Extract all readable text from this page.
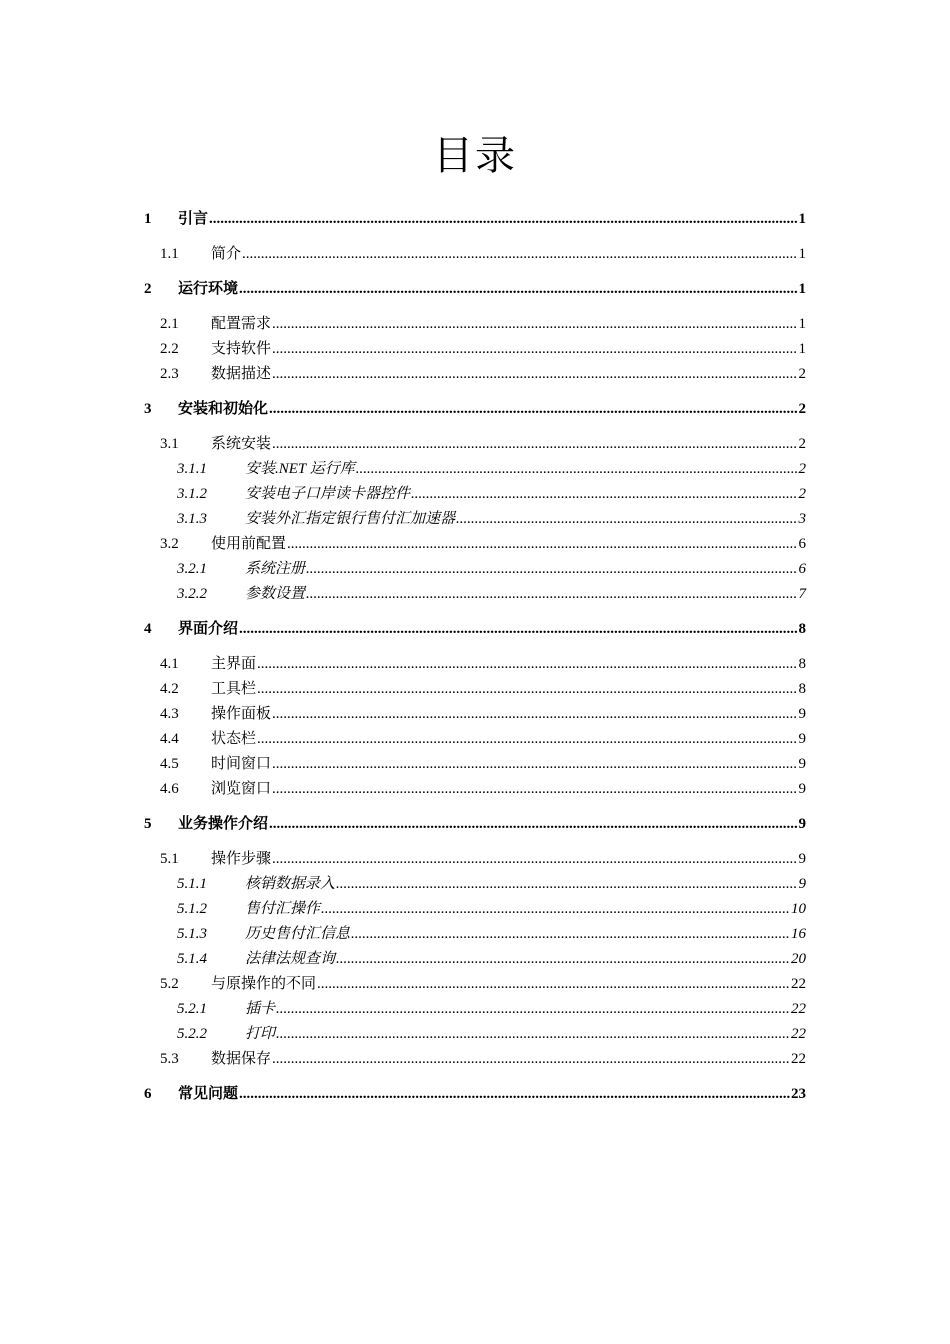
目录
1	引言 .....	1
1.1	简介 .....	1
2	运行环境 .....	1
2.1	配置需求 .....	1
2.2	支持软件 .....	1
2.3	数据描述 .....	2
3	安装和初始化 .....	2
3.1	系统安装 .....	2
3.1.1	安装.NET 运行库 .....	2
3.1.2	安装电子口岸读卡器控件 .....	2
3.1.3	安装外汇指定银行售付汇加速器 .....	3
3.2	使用前配置 .....	6
3.2.1	系统注册 .....	6
3.2.2	参数设置 .....	7
4	界面介绍 .....	8
4.1	主界面 .....	8
4.2	工具栏 .....	8
4.3	操作面板 .....	9
4.4	状态栏 .....	9
4.5	时间窗口 .....	9
4.6	浏览窗口 .....	9
5	业务操作介绍 .....	9
5.1	操作步骤 .....	9
5.1.1	核销数据录入 .....	9
5.1.2	售付汇操作 .....	10
5.1.3	历史售付汇信息 .....	16
5.1.4	法律法规查询 .....	20
5.2	与原操作的不同 .....	22
5.2.1	插卡 .....	22
5.2.2	打印 .....	22
5.3	数据保存 .....	22
6	常见问题 .....	23
